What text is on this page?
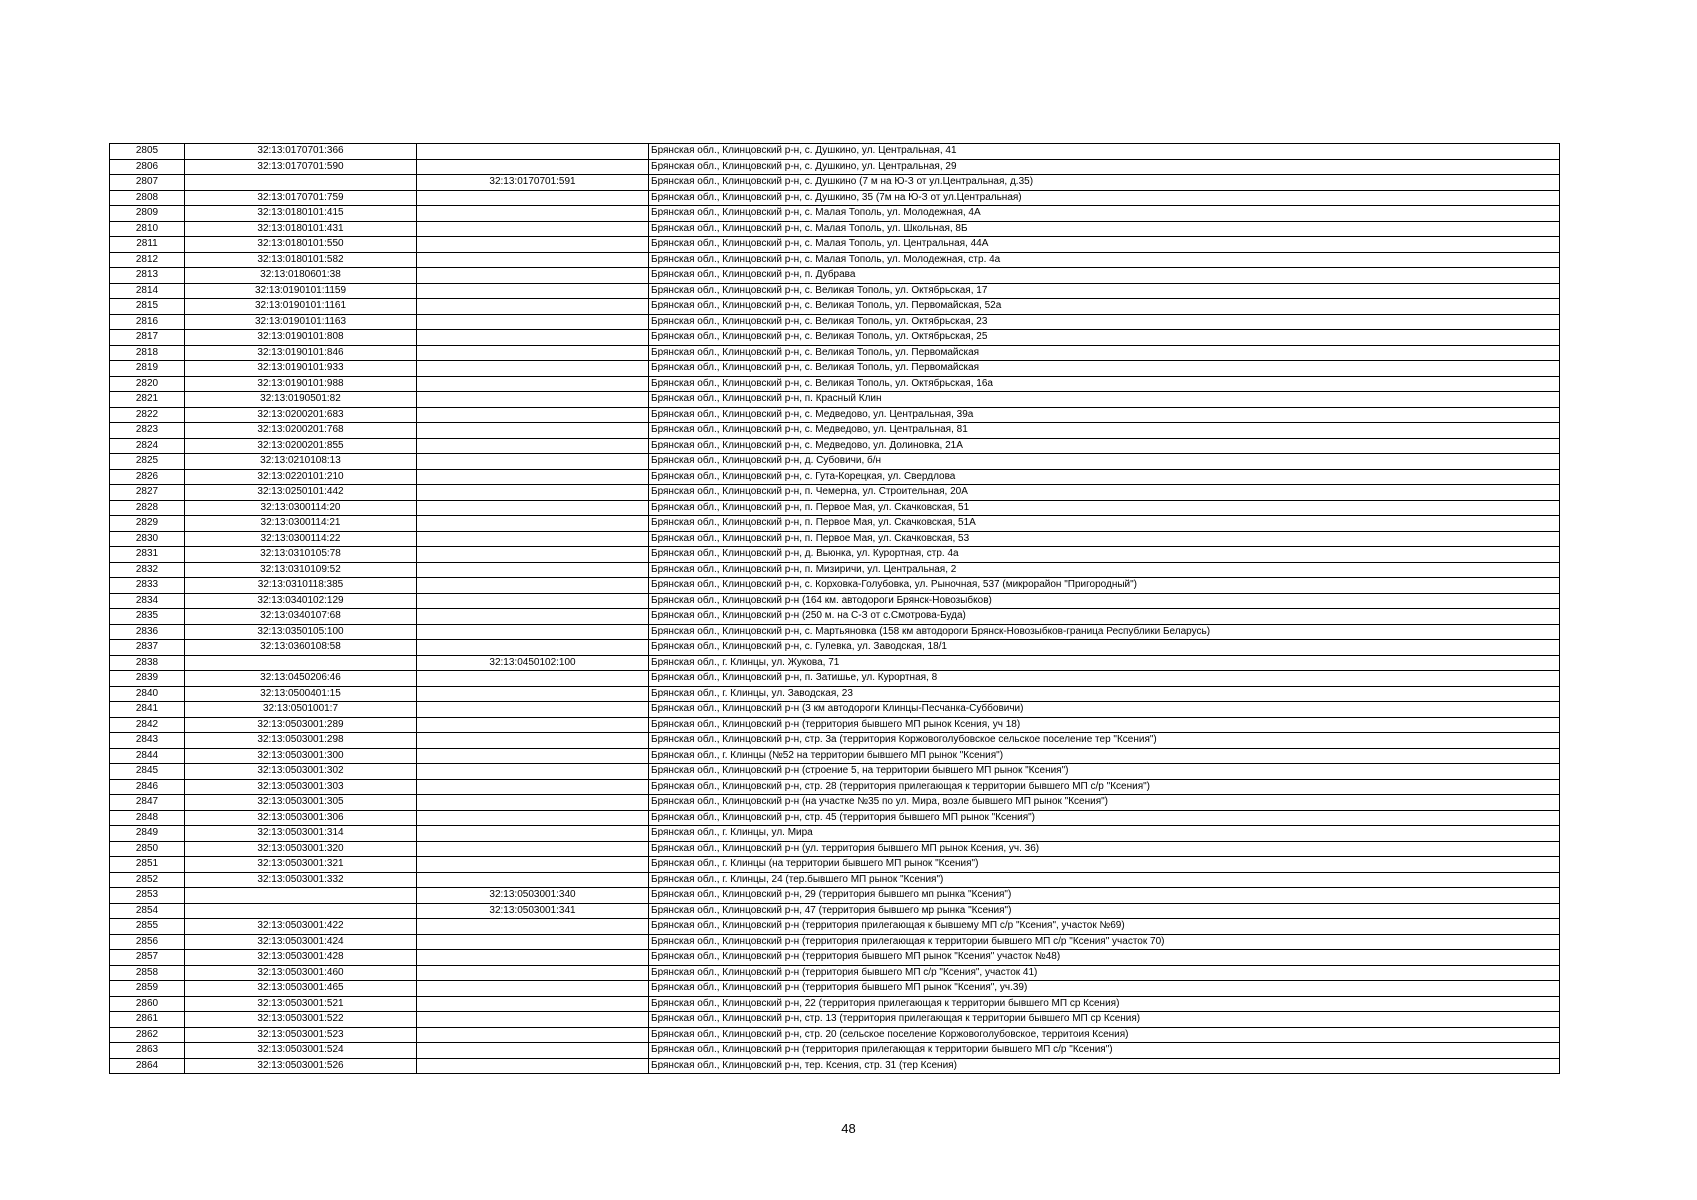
2805	32:13:0170701:366		Брянская обл., Клинцовский р-н, с. Душкино, ул. Центральная, 41
2806	32:13:0170701:590		Брянская обл., Клинцовский р-н, с. Душкино, ул. Центральная, 29
2807		32:13:0170701:591	Брянская обл., Клинцовский р-н, с. Душкино (7 м на Ю-З от ул.Центральная, д.35)
2808	32:13:0170701:759		Брянская обл., Клинцовский р-н, с. Душкино, 35 (7м на Ю-З от ул.Центральная)
2809	32:13:0180101:415		Брянская обл., Клинцовский р-н, с. Малая Тополь, ул. Молодежная, 4А
2810	32:13:0180101:431		Брянская обл., Клинцовский р-н, с. Малая Тополь, ул. Школьная, 8Б
2811	32:13:0180101:550		Брянская обл., Клинцовский р-н, с. Малая Тополь, ул. Центральная, 44А
2812	32:13:0180101:582		Брянская обл., Клинцовский р-н, с. Малая Тополь, ул. Молодежная, стр. 4а
2813	32:13:0180601:38		Брянская обл., Клинцовский р-н, п. Дубрава
2814	32:13:0190101:1159		Брянская обл., Клинцовский р-н, с. Великая Тополь, ул. Октябрьская, 17
2815	32:13:0190101:1161		Брянская обл., Клинцовский р-н, с. Великая Тополь, ул. Первомайская, 52а
2816	32:13:0190101:1163		Брянская обл., Клинцовский р-н, с. Великая Тополь, ул. Октябрьская, 23
2817	32:13:0190101:808		Брянская обл., Клинцовский р-н, с. Великая Тополь, ул. Октябрьская, 25
2818	32:13:0190101:846		Брянская обл., Клинцовский р-н, с. Великая Тополь, ул. Первомайская
2819	32:13:0190101:933		Брянская обл., Клинцовский р-н, с. Великая Тополь, ул. Первомайская
2820	32:13:0190101:988		Брянская обл., Клинцовский р-н, с. Великая Тополь, ул. Октябрьская, 16а
2821	32:13:0190501:82		Брянская обл., Клинцовский р-н, п. Красный Клин
2822	32:13:0200201:683		Брянская обл., Клинцовский р-н, с. Медведово, ул. Центральная, 39а
2823	32:13:0200201:768		Брянская обл., Клинцовский р-н, с. Медведово, ул. Центральная, 81
2824	32:13:0200201:855		Брянская обл., Клинцовский р-н, с. Медведово, ул. Долиновка, 21А
2825	32:13:0210108:13		Брянская обл., Клинцовский р-н, д. Субовичи, б/н
2826	32:13:0220101:210		Брянская обл., Клинцовский р-н, с. Гута-Корецкая, ул. Свердлова
2827	32:13:0250101:442		Брянская обл., Клинцовский р-н, п. Чемерна, ул. Строительная, 20А
2828	32:13:0300114:20		Брянская обл., Клинцовский р-н, п. Первое Мая, ул. Скачковская, 51
2829	32:13:0300114:21		Брянская обл., Клинцовский р-н, п. Первое Мая, ул. Скачковская, 51А
2830	32:13:0300114:22		Брянская обл., Клинцовский р-н, п. Первое Мая, ул. Скачковская, 53
2831	32:13:0310105:78		Брянская обл., Клинцовский р-н, д. Вьюнка, ул. Курортная, стр. 4а
2832	32:13:0310109:52		Брянская обл., Клинцовский р-н, п. Мизиричи, ул. Центральная, 2
2833	32:13:0310118:385		Брянская обл., Клинцовский р-н, с. Корховка-Голубовка, ул. Рыночная, 537 (микрорайон "Пригородный")
2834	32:13:0340102:129		Брянская обл., Клинцовский р-н (164 км. автодороги Брянск-Новозыбков)
2835	32:13:0340107:68		Брянская обл., Клинцовский р-н (250 м. на С-З от с.Смотрова-Буда)
2836	32:13:0350105:100		Брянская обл., Клинцовский р-н, с. Мартьяновка (158 км автодороги Брянск-Новозыбков-граница Республики Беларусь)
2837	32:13:0360108:58		Брянская обл., Клинцовский р-н, с. Гулевка, ул. Заводская, 18/1
2838		32:13:0450102:100	Брянская обл., г. Клинцы, ул. Жукова, 71
2839	32:13:0450206:46		Брянская обл., Клинцовский р-н, п. Затишье, ул. Курортная, 8
2840	32:13:0500401:15		Брянская обл., г. Клинцы, ул. Заводская, 23
2841	32:13:0501001:7		Брянская обл., Клинцовский р-н (3 км автодороги Клинцы-Песчанка-Суббовичи)
2842	32:13:0503001:289		Брянская обл., Клинцовский р-н (территория бывшего МП рынок Ксения, уч 18)
2843	32:13:0503001:298		Брянская обл., Клинцовский р-н, стр. 3а (территория Коржовоголубовское сельское поселение тер "Ксения")
2844	32:13:0503001:300		Брянская обл., г. Клинцы (№52 на территории бывшего МП рынок "Ксения")
2845	32:13:0503001:302		Брянская обл., Клинцовский р-н (строение 5, на территории бывшего МП рынок "Ксения")
2846	32:13:0503001:303		Брянская обл., Клинцовский р-н, стр. 28 (территория прилегающая к территории бывшего МП с/р "Ксения")
2847	32:13:0503001:305		Брянская обл., Клинцовский р-н (на участке №35 по ул. Мира, возле бывшего МП рынок "Ксения")
2848	32:13:0503001:306		Брянская обл., Клинцовский р-н, стр. 45 (территория бывшего МП рынок "Ксения")
2849	32:13:0503001:314		Брянская обл., г. Клинцы, ул. Мира
2850	32:13:0503001:320		Брянская обл., Клинцовский р-н (ул. территория бывшего МП рынок Ксения, уч. 36)
2851	32:13:0503001:321		Брянская обл., г. Клинцы (на территории бывшего МП рынок "Ксения")
2852	32:13:0503001:332		Брянская обл., г. Клинцы, 24 (тер.бывшего МП рынок "Ксения")
2853		32:13:0503001:340	Брянская обл., Клинцовский р-н, 29 (территория бывшего мп рынка "Ксения")
2854		32:13:0503001:341	Брянская обл., Клинцовский р-н, 47 (территория бывшего мр рынка "Ксения")
2855	32:13:0503001:422		Брянская обл., Клинцовский р-н (территория прилегающая к бывшему МП с/р "Ксения", участок №69)
2856	32:13:0503001:424		Брянская обл., Клинцовский р-н (территория прилегающая к территории бывшего МП с/р "Ксения" участок 70)
2857	32:13:0503001:428		Брянская обл., Клинцовский р-н (территория бывшего МП рынок "Ксения" участок №48)
2858	32:13:0503001:460		Брянская обл., Клинцовский р-н (территория бывшего МП с/р "Ксения", участок 41)
2859	32:13:0503001:465		Брянская обл., Клинцовский р-н (территория бывшего МП рынок "Ксения", уч.39)
2860	32:13:0503001:521		Брянская обл., Клинцовский р-н, 22 (территория прилегающая к территории бывшего МП ср Ксения)
2861	32:13:0503001:522		Брянская обл., Клинцовский р-н, стр. 13 (территория прилегающая к территории бывшего МП ср Ксения)
2862	32:13:0503001:523		Брянская обл., Клинцовский р-н, стр. 20 (сельское поселение Коржовоголубовское, территоия Ксения)
2863	32:13:0503001:524		Брянская обл., Клинцовский р-н (территория прилегающая к территории бывшего МП с/р "Ксения")
2864	32:13:0503001:526		Брянская обл., Клинцовский р-н, тер. Ксения, стр. 31 (тер Ксения)
48
